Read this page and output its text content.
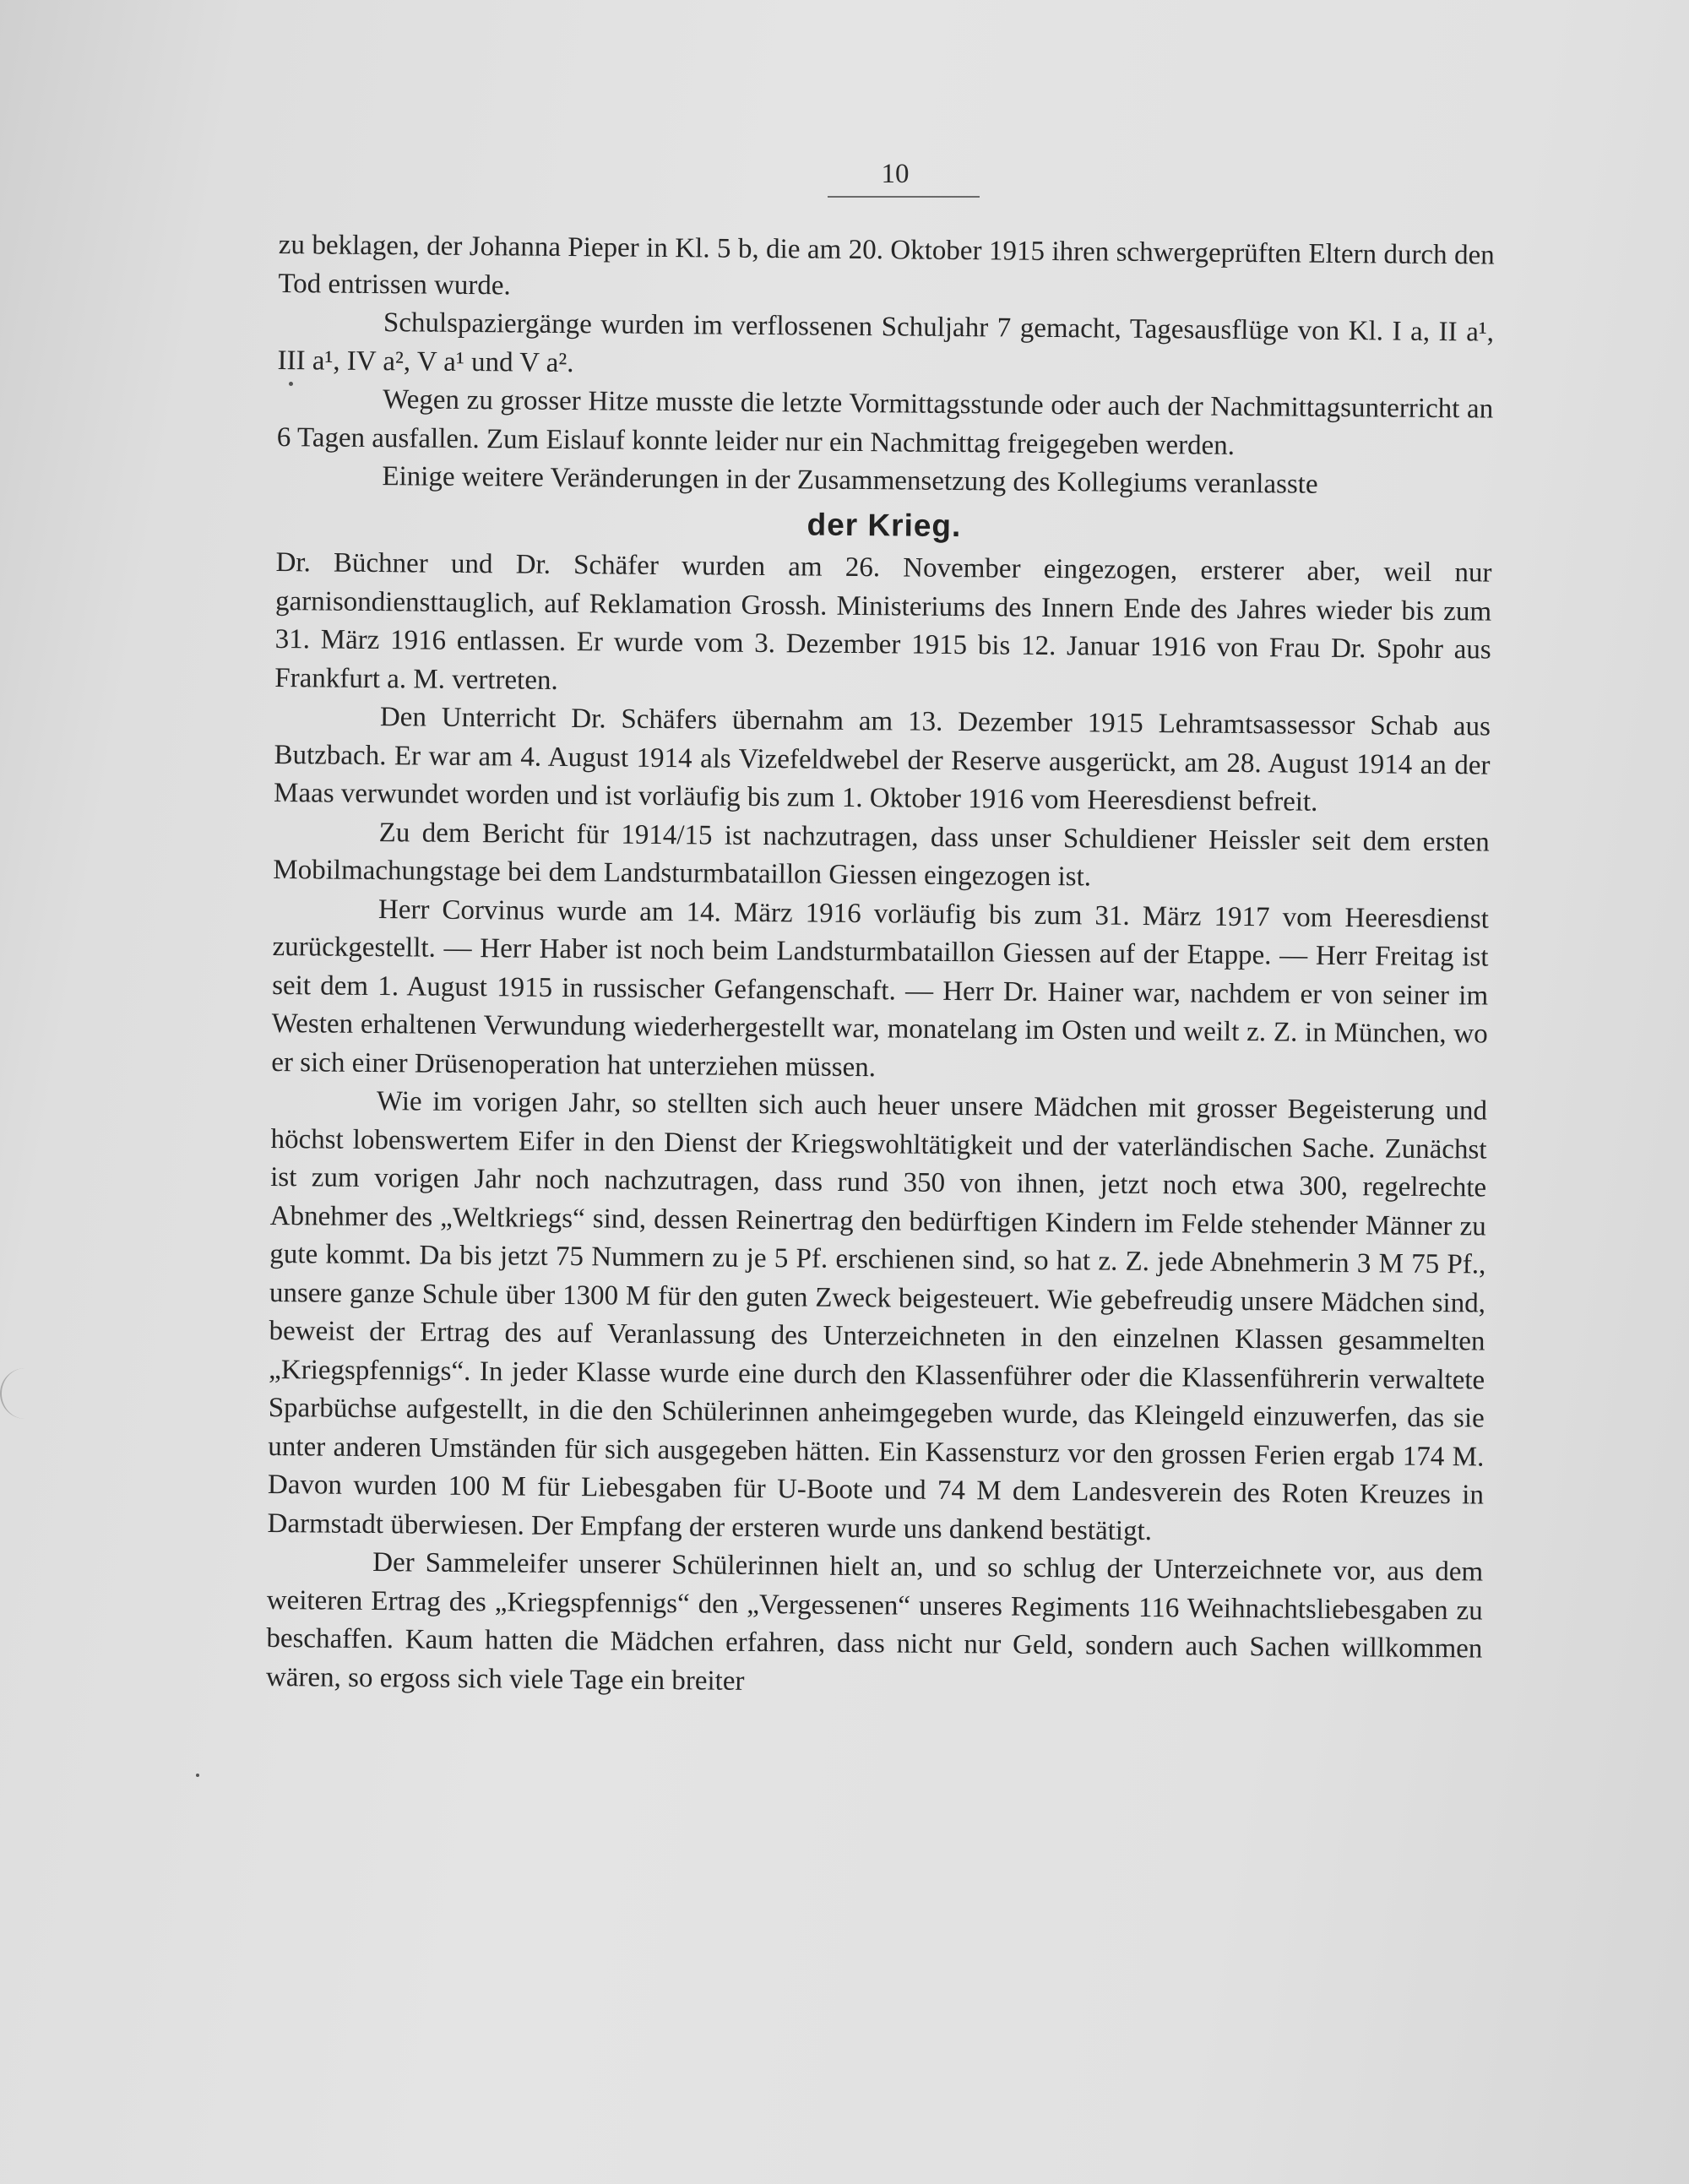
10

zu beklagen, der Johanna Pieper in Kl. 5 b, die am 20. Oktober 1915 ihren schwergeprüften Eltern durch den Tod entrissen wurde.

Schulspaziergänge wurden im verflossenen Schuljahr 7 gemacht, Tagesausflüge von Kl. I a, II a¹, III a¹, IV a², V a¹ und V a².

Wegen zu grosser Hitze musste die letzte Vormittagsstunde oder auch der Nachmittagsunterricht an 6 Tagen ausfallen. Zum Eislauf konnte leider nur ein Nachmittag freigegeben werden.

Einige weitere Veränderungen in der Zusammensetzung des Kollegiums veranlasste

der Krieg.

Dr. Büchner und Dr. Schäfer wurden am 26. November eingezogen, ersterer aber, weil nur garnisondiensttauglich, auf Reklamation Grossh. Ministeriums des Innern Ende des Jahres wieder bis zum 31. März 1916 entlassen. Er wurde vom 3. Dezember 1915 bis 12. Januar 1916 von Frau Dr. Spohr aus Frankfurt a. M. vertreten.

Den Unterricht Dr. Schäfers übernahm am 13. Dezember 1915 Lehramtsassessor Schab aus Butzbach. Er war am 4. August 1914 als Vizefeldwebel der Reserve ausgerückt, am 28. August 1914 an der Maas verwundet worden und ist vorläufig bis zum 1. Oktober 1916 vom Heeresdienst befreit.

Zu dem Bericht für 1914/15 ist nachzutragen, dass unser Schuldiener Heissler seit dem ersten Mobilmachungstage bei dem Landsturmbataillon Giessen eingezogen ist.

Herr Corvinus wurde am 14. März 1916 vorläufig bis zum 31. März 1917 vom Heeresdienst zurückgestellt. — Herr Haber ist noch beim Landsturmbataillon Giessen auf der Etappe. — Herr Freitag ist seit dem 1. August 1915 in russischer Gefangenschaft. — Herr Dr. Hainer war, nachdem er von seiner im Westen erhaltenen Verwundung wiederhergestellt war, monatelang im Osten und weilt z. Z. in München, wo er sich einer Drüsenoperation hat unterziehen müssen.

Wie im vorigen Jahr, so stellten sich auch heuer unsere Mädchen mit grosser Begeisterung und höchst lobenswertem Eifer in den Dienst der Kriegswohltätigkeit und der vaterländischen Sache. Zunächst ist zum vorigen Jahr noch nachzutragen, dass rund 350 von ihnen, jetzt noch etwa 300, regelrechte Abnehmer des „Weltkriegs“ sind, dessen Reinertrag den bedürftigen Kindern im Felde stehender Männer zu gute kommt. Da bis jetzt 75 Nummern zu je 5 Pf. erschienen sind, so hat z. Z. jede Abnehmerin 3 M 75 Pf., unsere ganze Schule über 1300 M für den guten Zweck beigesteuert. Wie gebefreudig unsere Mädchen sind, beweist der Ertrag des auf Veranlassung des Unterzeichneten in den einzelnen Klassen gesammelten „Kriegspfennigs“. In jeder Klasse wurde eine durch den Klassenführer oder die Klassenführerin verwaltete Sparbüchse aufgestellt, in die den Schülerinnen anheimgegeben wurde, das Kleingeld einzuwerfen, das sie unter anderen Umständen für sich ausgegeben hätten. Ein Kassensturz vor den grossen Ferien ergab 174 M. Davon wurden 100 M für Liebesgaben für U-Boote und 74 M dem Landesverein des Roten Kreuzes in Darmstadt überwiesen. Der Empfang der ersteren wurde uns dankend bestätigt.

Der Sammeleifer unserer Schülerinnen hielt an, und so schlug der Unterzeichnete vor, aus dem weiteren Ertrag des „Kriegspfennigs“ den „Vergessenen“ unseres Regiments 116 Weihnachtsliebesgaben zu beschaffen. Kaum hatten die Mädchen erfahren, dass nicht nur Geld, sondern auch Sachen willkommen wären, so ergoss sich viele Tage ein breiter
